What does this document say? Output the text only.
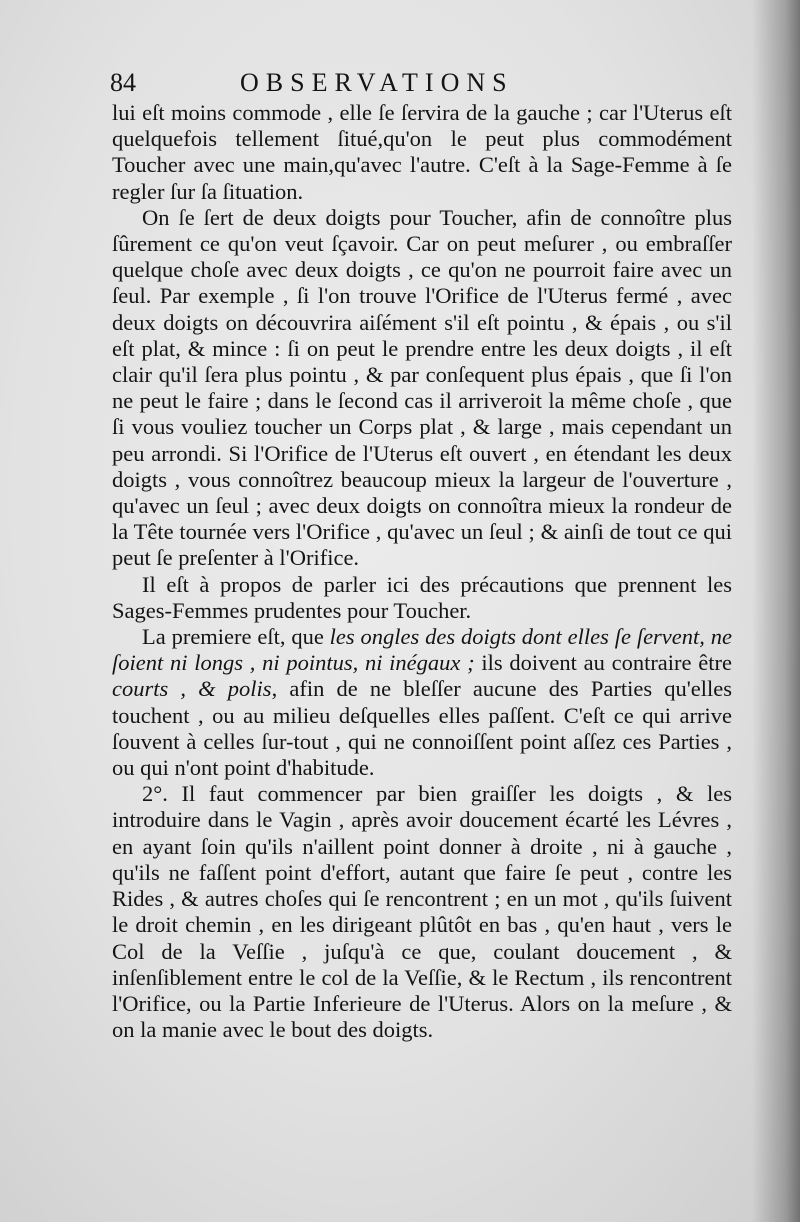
84	OBSERVATIONS

lui eſt moins commode , elle ſe ſervira de la gauche ; car l'Uterus eſt quelquefois tellement ſitué,qu'on le peut plus commodément Toucher avec une main,qu'avec l'autre. C'eſt à la Sage-Femme à ſe regler ſur ſa ſituation.

On ſe ſert de deux doigts pour Toucher, afin de connoître plus ſûrement ce qu'on veut ſçavoir. Car on peut meſurer , ou embraſſer quelque choſe avec deux doigts , ce qu'on ne pourroit faire avec un ſeul. Par exemple , ſi l'on trouve l'Orifice de l'Uterus fermé , avec deux doigts on découvrira aiſément s'il eſt pointu , & épais , ou s'il eſt plat, & mince : ſi on peut le prendre entre les deux doigts , il eſt clair qu'il ſera plus pointu , & par conſequent plus épais , que ſi l'on ne peut le faire ; dans le ſecond cas il arriveroit la même choſe , que ſi vous vouliez toucher un Corps plat , & large , mais cependant un peu arrondi. Si l'Orifice de l'Uterus eſt ouvert , en étendant les deux doigts , vous connoîtrez beaucoup mieux la largeur de l'ouverture , qu'avec un ſeul ; avec deux doigts on connoîtra mieux la rondeur de la Tête tournée vers l'Orifice , qu'avec un ſeul ; & ainſi de tout ce qui peut ſe preſenter à l'Orifice.

Il eſt à propos de parler ici des précautions que prennent les Sages-Femmes prudentes pour Toucher.

La premiere eſt, que les ongles des doigts dont elles ſe ſervent, ne ſoient ni longs , ni pointus, ni inégaux ; ils doivent au contraire être courts , & polis, afin de ne bleſſer aucune des Parties qu'elles touchent , ou au milieu deſquelles elles paſſent. C'eſt ce qui arrive ſouvent à celles ſur-tout , qui ne connoiſſent point aſſez ces Parties , ou qui n'ont point d'habitude.

2°. Il faut commencer par bien graiſſer les doigts , & les introduire dans le Vagin , après avoir doucement écarté les Lévres , en ayant ſoin qu'ils n'aillent point donner à droite , ni à gauche , qu'ils ne faſſent point d'effort, autant que faire ſe peut , contre les Rides , & autres choſes qui ſe rencontrent ; en un mot , qu'ils ſuivent le droit chemin , en les dirigeant plûtôt en bas , qu'en haut , vers le Col de la Veſſie , juſqu'à ce que, coulant doucement , & inſenſiblement entre le col de la Veſſie, & le Rectum , ils rencontrent l'Orifice, ou la Partie Inferieure de l'Uterus. Alors on la meſure , & on la manie avec le bout des doigts.
